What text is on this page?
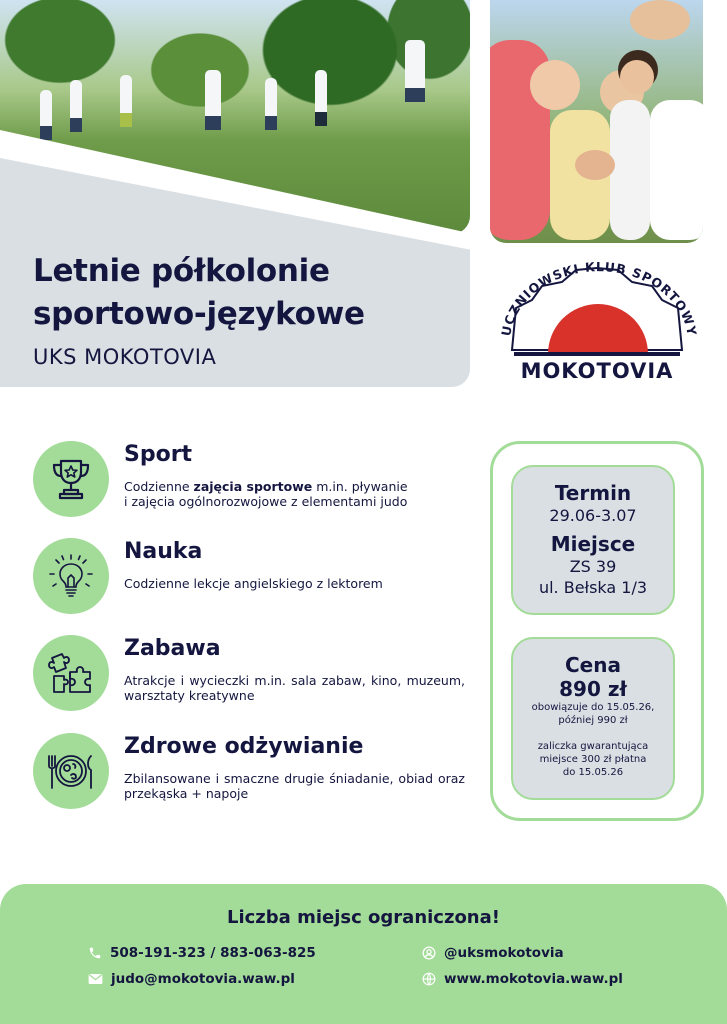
Letnie półkolonie
sportowo-językowe
UKS MOKOTOVIA
UCZNIOWSKI KLUB SPORTOWY
MOKOTOVIA
Sport
Codzienne zajęcia sportowe m.in. pływanie
i zajęcia ogólnorozwojowe z elementami judo
Nauka
Codzienne lekcje angielskiego z lektorem
Zabawa
Atrakcje i wycieczki m.in. sala zabaw, kino, muzeum, warsztaty kreatywne
Zdrowe odżywianie
Zbilansowane i smaczne drugie śniadanie, obiad oraz przekąska + napoje
Termin
29.06-3.07
Miejsce
ZS 39
ul. Bełska 1/3
Cena
890 zł
obowiązuje do 15.05.26,
później 990 zł
zaliczka gwarantująca
miejsce 300 zł płatna
do 15.05.26
Liczba miejsc ograniczona!
508-191-323 / 883-063-825
judo@mokotovia.waw.pl
@uksmokotovia
www.mokotovia.waw.pl
